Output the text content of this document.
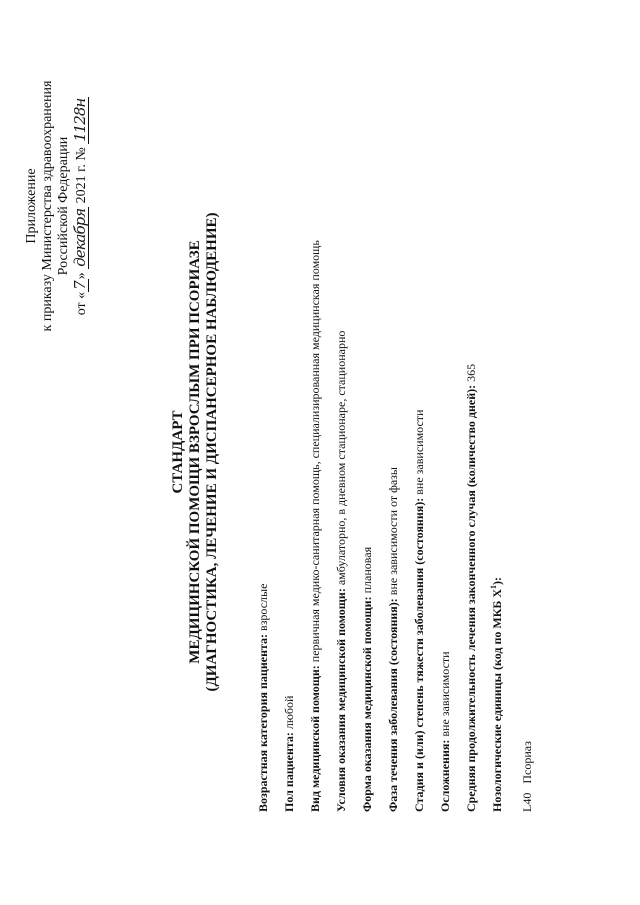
Приложение к приказу Министерства здравоохранения Российской Федерации
от «7» декабря 2021 г. № 1128н
СТАНДАРТ МЕДИЦИНСКОЙ ПОМОЩИ ВЗРОСЛЫМ ПРИ ПСОРИАЗЕ (ДИАГНОСТИКА, ЛЕЧЕНИЕ И ДИСПАНСЕРНОЕ НАБЛЮДЕНИЕ)
Возрастная категория пациента: взрослые
Пол пациента: любой	Вид медицинской помощи: первичная медико-санитарная помощь, специализированная медицинская помощь
Условия оказания медицинской помощи: амбулаторно, в дневном стационаре, стационарно
Форма оказания медицинской помощи: плановая
Фаза течения заболевания (состояния): вне зависимости от фазы	Стадия и (или) степень тяжести заболевания (состояния): вне зависимости
Осложнения: вне зависимости	Средняя продолжительность лечения законченного случая (количество дней): 365
Нозологические единицы (код по МКБ $X^1$):
L40   Псориаз
